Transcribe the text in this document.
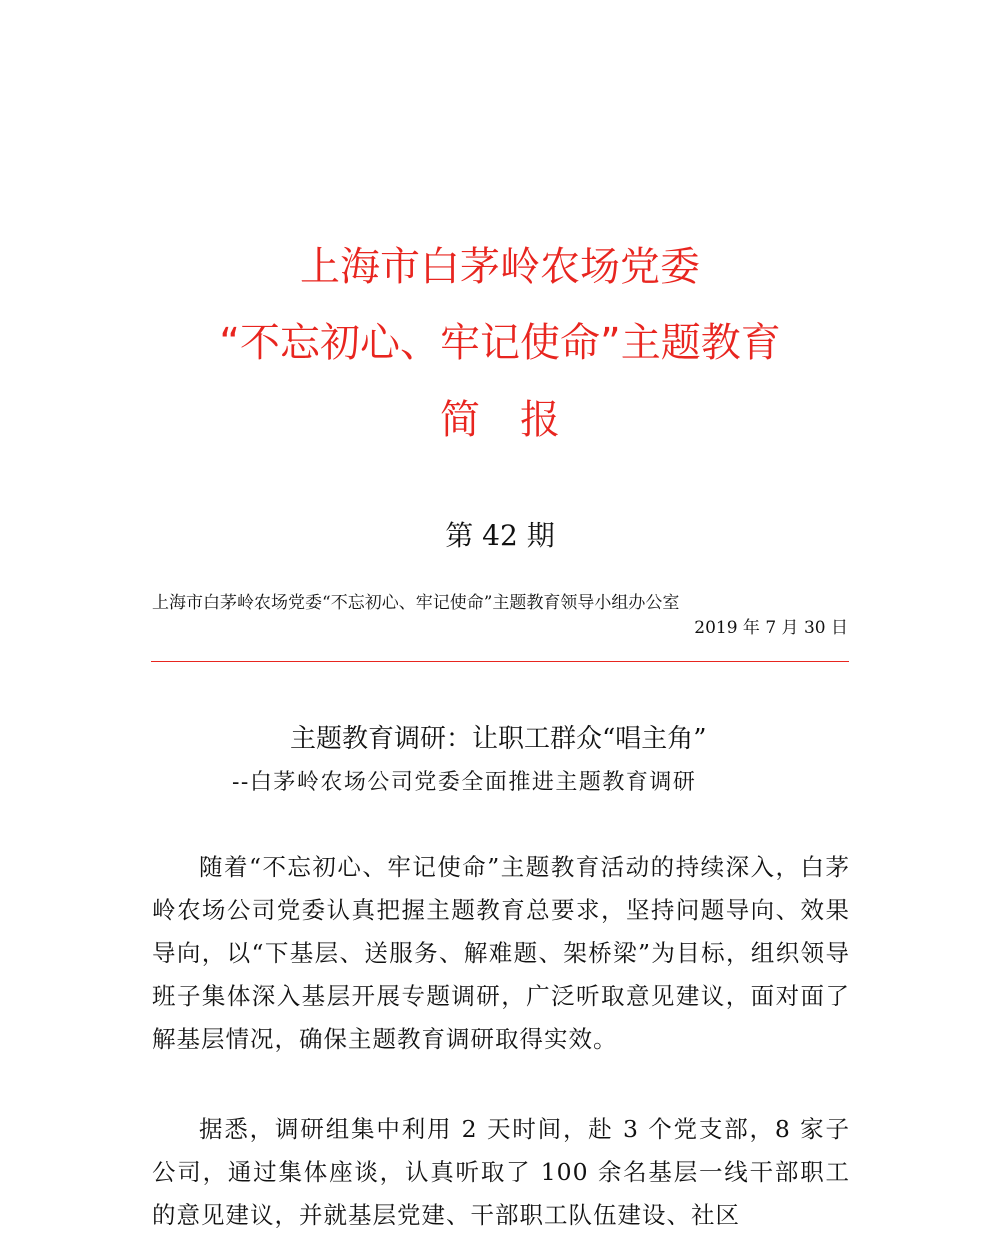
上海市白茅岭农场党委
“不忘初心、牢记使命”主题教育
简　报
第 42 期
上海市白茅岭农场党委“不忘初心、牢记使命”主题教育领导小组办公室
2019 年 7 月 30 日
主题教育调研：让职工群众“唱主角”
--白茅岭农场公司党委全面推进主题教育调研

随着“不忘初心、牢记使命”主题教育活动的持续深入，白茅岭农场公司党委认真把握主题教育总要求，坚持问题导向、效果导向，以“下基层、送服务、解难题、架桥梁”为目标，组织领导班子集体深入基层开展专题调研，广泛听取意见建议，面对面了解基层情况，确保主题教育调研取得实效。

据悉，调研组集中利用 2 天时间，赴 3 个党支部，8 家子公司，通过集体座谈，认真听取了 100 余名基层一线干部职工的意见建议，并就基层党建、干部职工队伍建设、社区
